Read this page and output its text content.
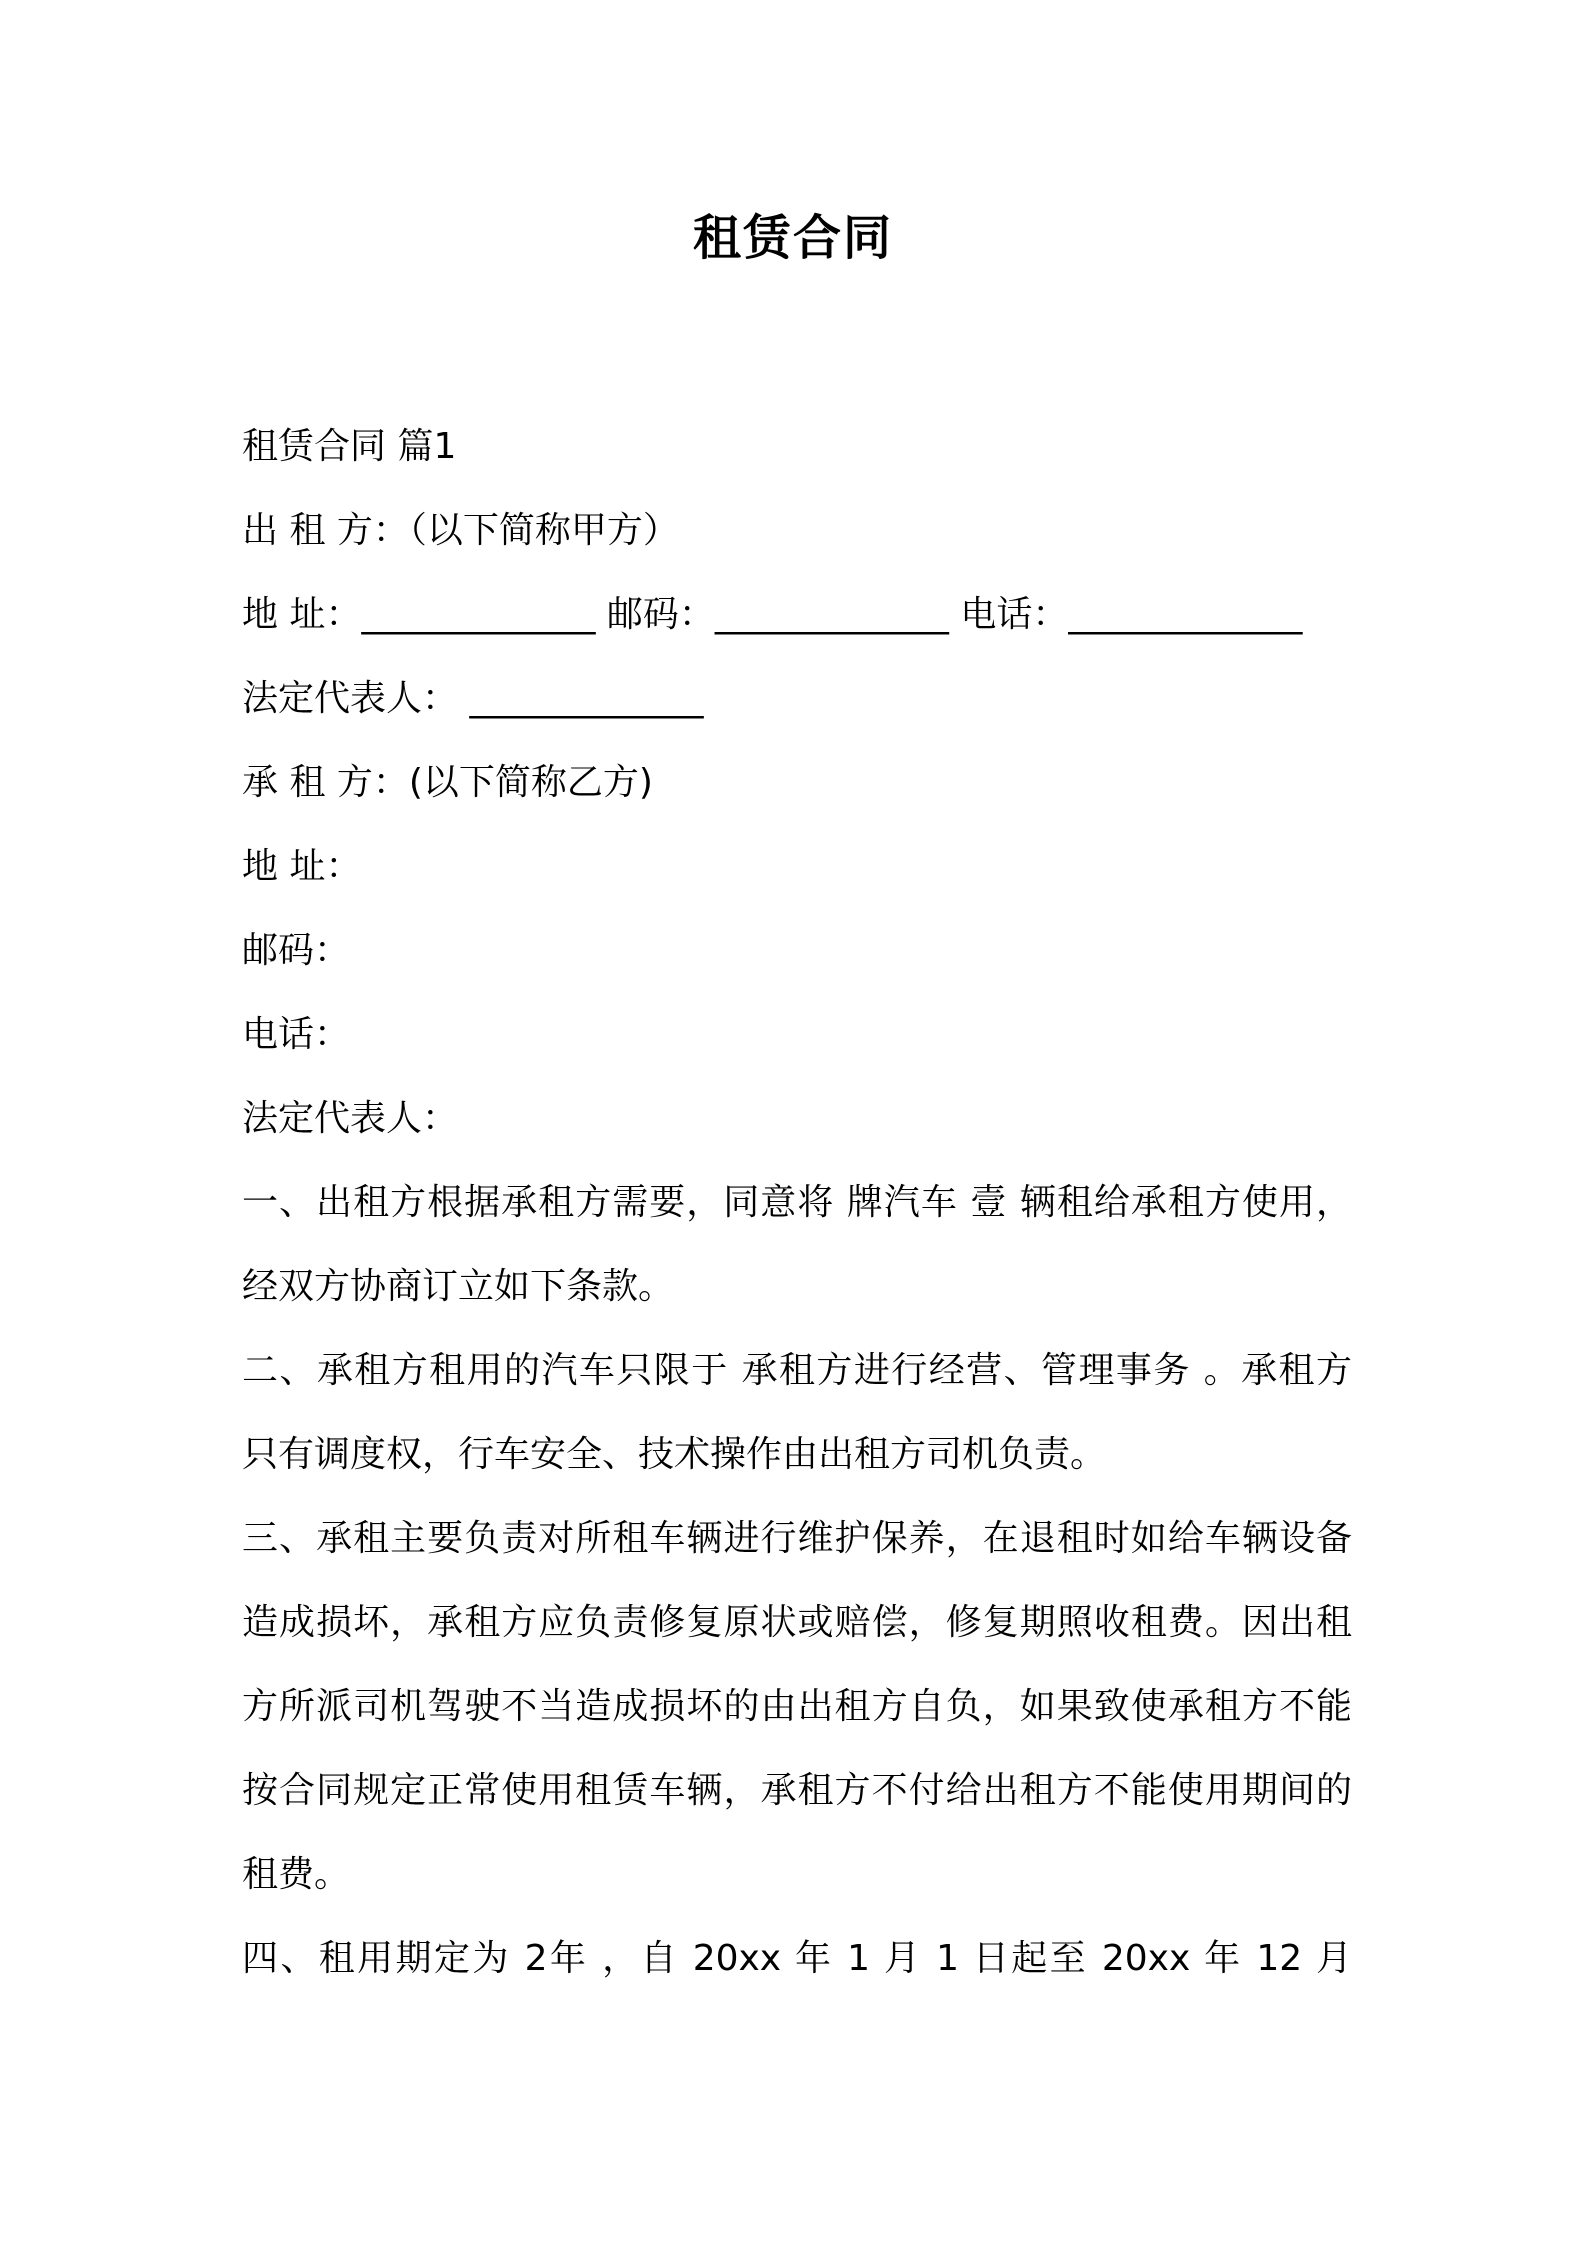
租赁合同
租赁合同 篇1
出 租 方：（以下简称甲方）
地 址：_____________ 邮码：_____________ 电话：_____________
法定代表人： _____________
承 租 方：(以下简称乙方)
地 址：
邮码：
电话：
法定代表人：
一、出租方根据承租方需要，同意将 牌汽车 壹 辆租给承租方使用，
经双方协商订立如下条款。
二、承租方租用的汽车只限于 承租方进行经营、管理事务 。承租方
只有调度权，行车安全、技术操作由出租方司机负责。
三、承租主要负责对所租车辆进行维护保养，在退租时如给车辆设备
造成损坏，承租方应负责修复原状或赔偿，修复期照收租费。因出租
方所派司机驾驶不当造成损坏的由出租方自负，如果致使承租方不能
按合同规定正常使用租赁车辆，承租方不付给出租方不能使用期间的
租费。
四、租用期定为 2年 ，自 20xx 年 1 月 1 日起至 20xx 年 12 月
